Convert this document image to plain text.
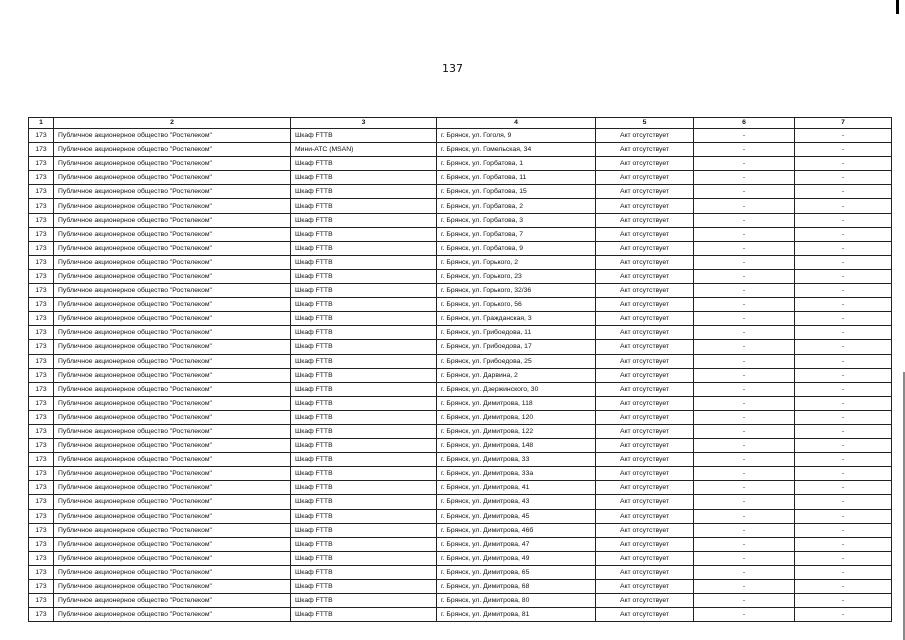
137
1	2	3	4	5	6	7
173	Публичное акционерное общество "Ростелеком"	Шкаф FTTB	г. Брянск, ул. Гоголя, 9	Акт отсутствует	-	-
173	Публичное акционерное общество "Ростелеком"	Мини-АТС (MSAN)	г. Брянск, ул. Гомельская, 34	Акт отсутствует	-	-
173	Публичное акционерное общество "Ростелеком"	Шкаф FTTB	г. Брянск, ул. Горбатова, 1	Акт отсутствует	-	-
173	Публичное акционерное общество "Ростелеком"	Шкаф FTTB	г. Брянск, ул. Горбатова, 11	Акт отсутствует	-	-
173	Публичное акционерное общество "Ростелеком"	Шкаф FTTB	г. Брянск, ул. Горбатова, 15	Акт отсутствует	-	-
173	Публичное акционерное общество "Ростелеком"	Шкаф FTTB	г. Брянск, ул. Горбатова, 2	Акт отсутствует	-	-
173	Публичное акционерное общество "Ростелеком"	Шкаф FTTB	г. Брянск, ул. Горбатова, 3	Акт отсутствует	-	-
173	Публичное акционерное общество "Ростелеком"	Шкаф FTTB	г. Брянск, ул. Горбатова, 7	Акт отсутствует	-	-
173	Публичное акционерное общество "Ростелеком"	Шкаф FTTB	г. Брянск, ул. Горбатова, 9	Акт отсутствует	-	-
173	Публичное акционерное общество "Ростелеком"	Шкаф FTTB	г. Брянск, ул. Горького, 2	Акт отсутствует	-	-
173	Публичное акционерное общество "Ростелеком"	Шкаф FTTB	г. Брянск, ул. Горького, 23	Акт отсутствует	-	-
173	Публичное акционерное общество "Ростелеком"	Шкаф FTTB	г. Брянск, ул. Горького, 32/36	Акт отсутствует	-	-
173	Публичное акционерное общество "Ростелеком"	Шкаф FTTB	г. Брянск, ул. Горького, 56	Акт отсутствует	-	-
173	Публичное акционерное общество "Ростелеком"	Шкаф FTTB	г. Брянск, ул. Гражданская, 3	Акт отсутствует	-	-
173	Публичное акционерное общество "Ростелеком"	Шкаф FTTB	г. Брянск, ул. Грибоедова, 11	Акт отсутствует	-	-
173	Публичное акционерное общество "Ростелеком"	Шкаф FTTB	г. Брянск, ул. Грибоедова, 17	Акт отсутствует	-	-
173	Публичное акционерное общество "Ростелеком"	Шкаф FTTB	г. Брянск, ул. Грибоедова, 25	Акт отсутствует	-	-
173	Публичное акционерное общество "Ростелеком"	Шкаф FTTB	г. Брянск, ул. Дарвина, 2	Акт отсутствует	-	-
173	Публичное акционерное общество "Ростелеком"	Шкаф FTTB	г. Брянск, ул. Дзержинского, 30	Акт отсутствует	-	-
173	Публичное акционерное общество "Ростелеком"	Шкаф FTTB	г. Брянск, ул. Димитрова, 118	Акт отсутствует	-	-
173	Публичное акционерное общество "Ростелеком"	Шкаф FTTB	г. Брянск, ул. Димитрова, 120	Акт отсутствует	-	-
173	Публичное акционерное общество "Ростелеком"	Шкаф FTTB	г. Брянск, ул. Димитрова, 122	Акт отсутствует	-	-
173	Публичное акционерное общество "Ростелеком"	Шкаф FTTB	г. Брянск, ул. Димитрова, 148	Акт отсутствует	-	-
173	Публичное акционерное общество "Ростелеком"	Шкаф FTTB	г. Брянск, ул. Димитрова, 33	Акт отсутствует	-	-
173	Публичное акционерное общество "Ростелеком"	Шкаф FTTB	г. Брянск, ул. Димитрова, 33а	Акт отсутствует	-	-
173	Публичное акционерное общество "Ростелеком"	Шкаф FTTB	г. Брянск, ул. Димитрова, 41	Акт отсутствует	-	-
173	Публичное акционерное общество "Ростелеком"	Шкаф FTTB	г. Брянск, ул. Димитрова, 43	Акт отсутствует	-	-
173	Публичное акционерное общество "Ростелеком"	Шкаф FTTB	г. Брянск, ул. Димитрова, 45	Акт отсутствует	-	-
173	Публичное акционерное общество "Ростелеком"	Шкаф FTTB	г. Брянск, ул. Димитрова, 46б	Акт отсутствует	-	-
173	Публичное акционерное общество "Ростелеком"	Шкаф FTTB	г. Брянск, ул. Димитрова, 47	Акт отсутствует	-	-
173	Публичное акционерное общество "Ростелеком"	Шкаф FTTB	г. Брянск, ул. Димитрова, 49	Акт отсутствует	-	-
173	Публичное акционерное общество "Ростелеком"	Шкаф FTTB	г. Брянск, ул. Димитрова, 65	Акт отсутствует	-	-
173	Публичное акционерное общество "Ростелеком"	Шкаф FTTB	г. Брянск, ул. Димитрова, 68	Акт отсутствует	-	-
173	Публичное акционерное общество "Ростелеком"	Шкаф FTTB	г. Брянск, ул. Димитрова, 80	Акт отсутствует	-	-
173	Публичное акционерное общество "Ростелеком"	Шкаф FTTB	г. Брянск, ул. Димитрова, 81	Акт отсутствует	-	-
